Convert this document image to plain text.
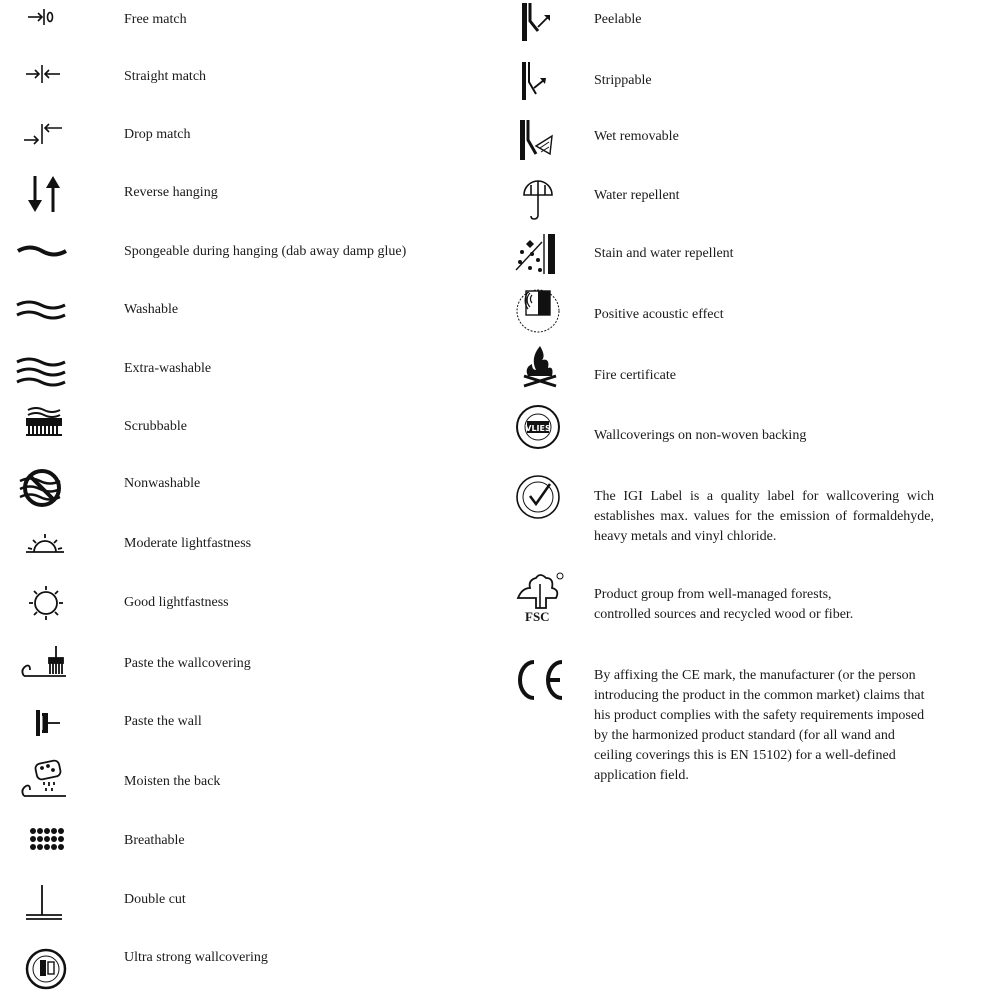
Free match
Straight match
Drop match
Reverse hanging
Spongeable during hanging (dab away damp glue)
Washable
Extra-washable
Scrubbable
Nonwashable
Moderate lightfastness
Good lightfastness
Paste the wallcovering
Paste the wall
Moisten the back
Breathable
Double cut
Ultra strong wallcovering
Peelable
Strippable
Wet removable
Water repellent
Stain and water repellent
Positive acoustic effect
Fire certificate
VLIES	Wallcoverings on non-woven backing
The IGI Label is a quality label for wallcovering wich establishes max. values for the emission of formaldehyde, heavy metals and vinyl chloride.
FSC
Product group from well-managed forests,
controlled sources and recycled wood or fiber.
By affixing the CE mark, the manufacturer (or the person introducing the product in the common market) claims that his product complies with the safety requirements imposed by the harmonized product standard (for all wand and ceiling coverings this is EN 15102) for a well-defined application field.
